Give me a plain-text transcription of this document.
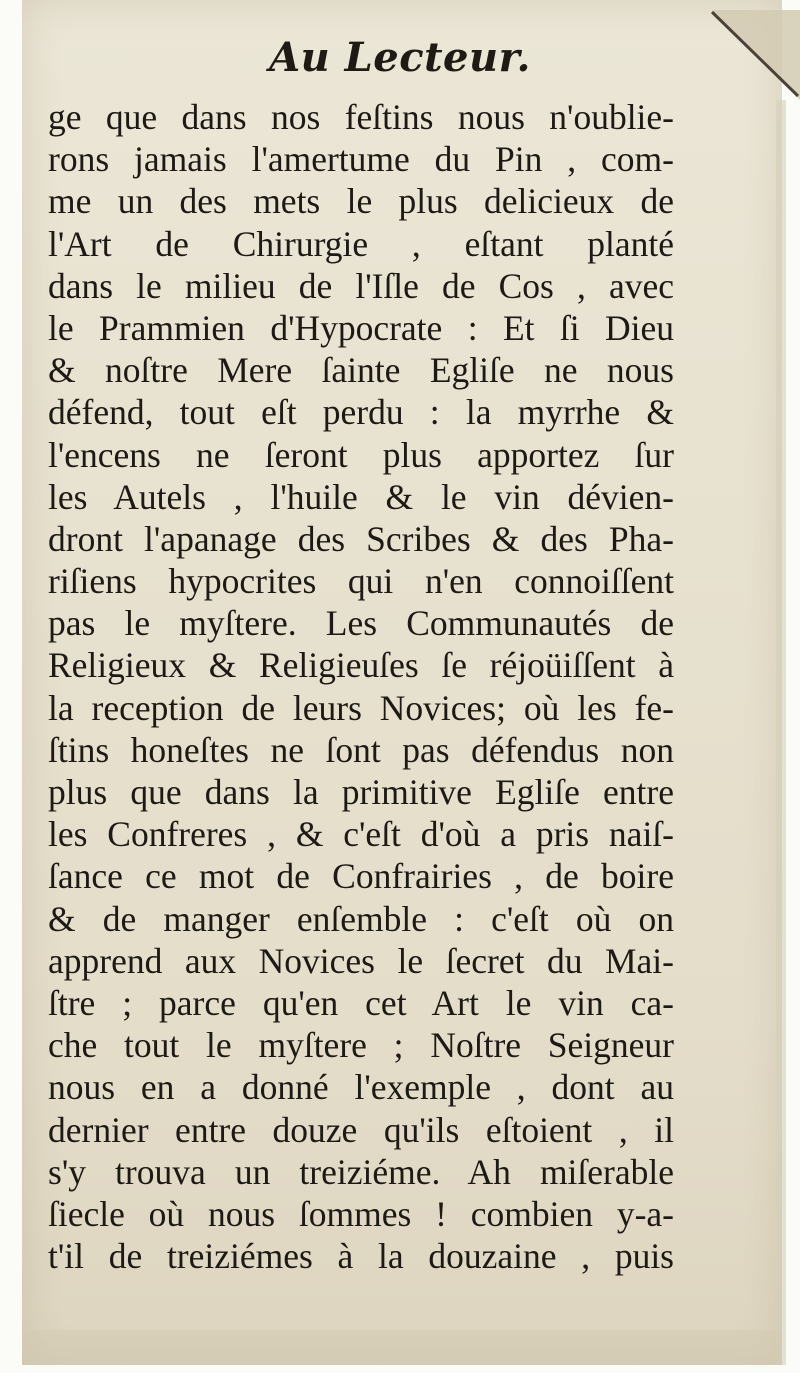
Au Lecteur.
ge que dans nos feſtins nous n'oublie-
rons jamais l'amertume du Pin , com-
me un des mets le plus delicieux de
l'Art de Chirurgie , eſtant planté
dans le milieu de l'Iſle de Cos , avec
le Prammien d'Hypocrate : Et ſi Dieu
& noſtre Mere ſainte Egliſe ne nous
défend, tout eſt perdu : la myrrhe &
l'encens ne ſeront plus apportez ſur
les Autels , l'huile & le vin dévien-
dront l'apanage des Scribes & des Pha-
riſiens hypocrites qui n'en connoiſſent
pas le myſtere. Les Communautés de
Religieux & Religieuſes ſe réjoüiſſent à
la reception de leurs Novices; où les fe-
ſtins honeſtes ne ſont pas défendus non
plus que dans la primitive Egliſe entre
les Confreres , & c'eſt d'où a pris naiſ-
ſance ce mot de Confrairies , de boire
& de manger enſemble : c'eſt où on
apprend aux Novices le ſecret du Mai-
ſtre ; parce qu'en cet Art le vin ca-
che tout le myſtere ; Noſtre Seigneur
nous en a donné l'exemple , dont au
dernier entre douze qu'ils eſtoient , il
s'y trouva un treiziéme. Ah miſerable
ſiecle où nous ſommes ! combien y-a-
t'il de treiziémes à la douzaine , puis
